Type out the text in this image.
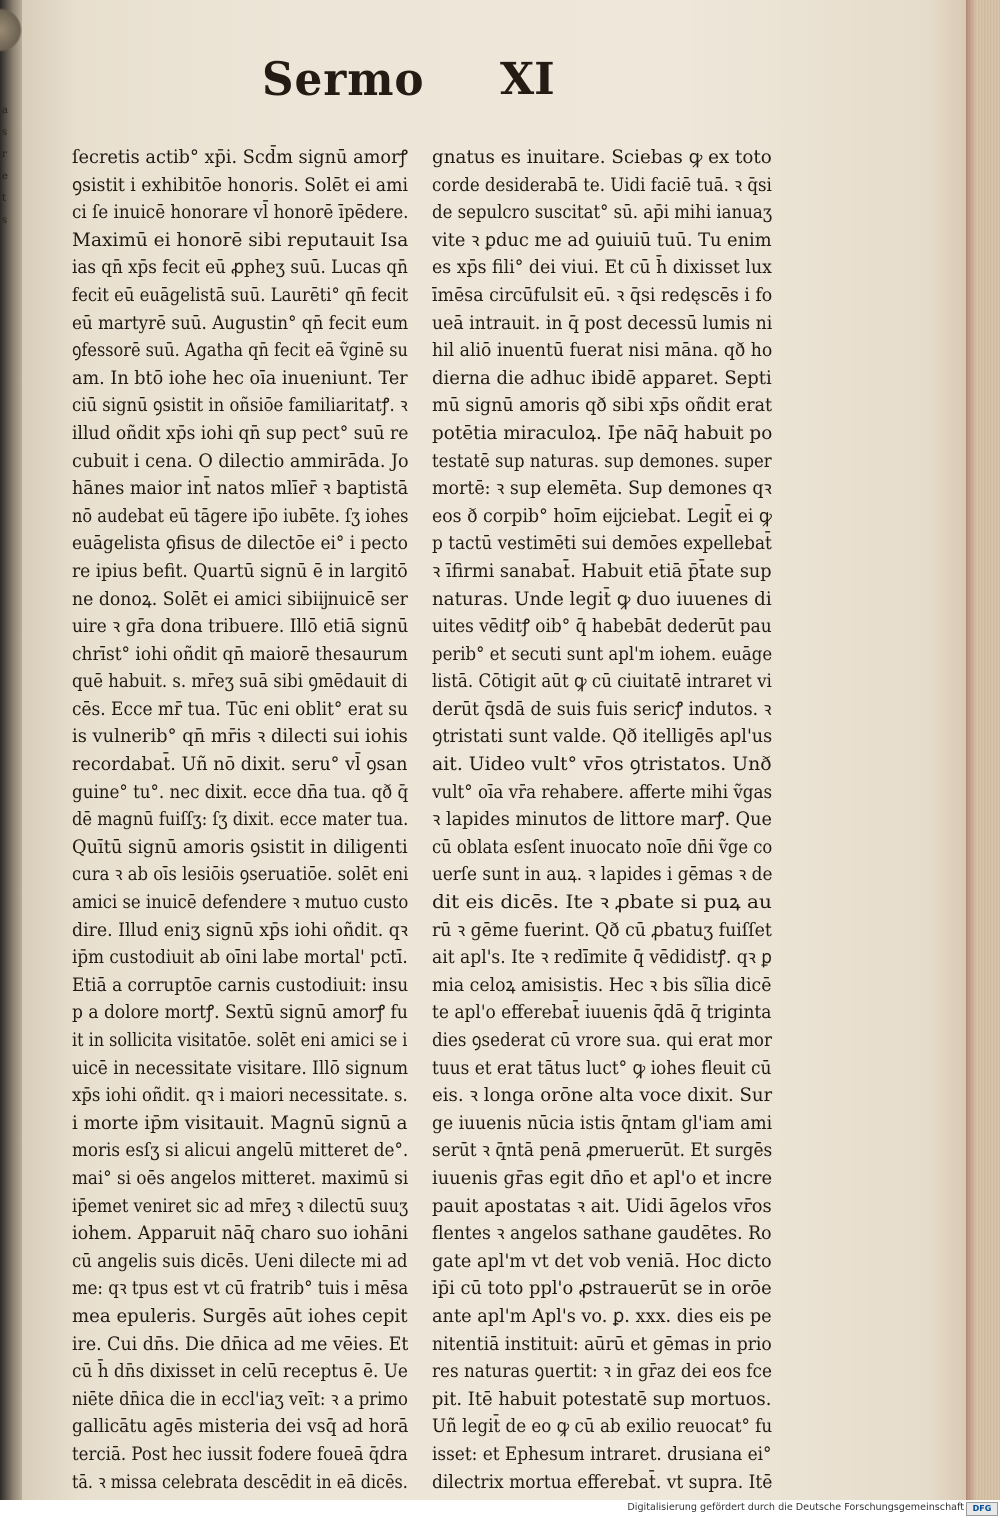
a
s
r
e
t
s
Sermo XI
ſecretis actib° xp̄i. Scd̄m signū amorꝭ
ꝯsistit i exhibitōe honoris. Solēt ei ami
ci ſe inuicē honorare vl̄ honorē īpēdere.
Maximū ei honorē sibi reputauit Isa
ias qn̄ xp̄s fecit eū ꝓpheʒ suū. Lucas qn̄
fecit eū euāgelistā suū. Laurēti° qn̄ fecit
eū martyrē suū. Augustin° qn̄ fecit eum
ꝯfessorē suū. Agatha qn̄ fecit eā ṽginē su
am. In btō iohe hec oīa inueniunt. Ter
ciū signū ꝯsistit in oñsiōe familiaritatꝭ. ꝛ
illud oñdit xp̄s iohi qn̄ sup pect° suū re
cubuit i cena. O dilectio ammirāda. Jo
hānes maior int̄ natos mlīer̄ ꝛ baptistā
nō audebat eū tāgere ip̄o iubēte. ſʒ iohes
euāgelista ꝯfisus de dilectōe ei° i pecto
re ipius befit. Quartū signū ē in largitō
ne donoꝝ. Solēt ei amici sibiĳnuicē ser
uire ꝛ gr̄a dona tribuere. Illō etiā signū
chrīst° iohi oñdit qn̄ maiorē thesaurum
quē habuit. s. mr̄eʒ suā sibi ꝯmēdauit di
cēs. Ecce mr̄ tua. Tūc eni oblit° erat su
is vulnerib° qn̄ mr̄is ꝛ dilecti sui iohis
recordabat̄. Uñ nō dixit. seru° vl̄ ꝯsan
guine° tu°. nec dixit. ecce dn̄a tua. qð q̄
dē magnū fuiſſʒ: ſʒ dixit. ecce mater tua.
Quītū signū amoris ꝯsistit in diligenti
cura ꝛ ab oīs lesiōis ꝯseruatiōe. solēt eni
amici se inuicē defendere ꝛ mutuo custo
dire. Illud eniʒ signū xp̄s iohi oñdit. qꝛ
ip̄m custodiuit ab oīni labe mortal' pctī.
Etiā a corruptōe carnis custodiuit: insu
p a dolore mortꝭ. Sextū signū amorꝭ fu
it in sollicita visitatōe. solēt eni amici se i
uicē in necessitate visitare. Illō signum
xp̄s iohi oñdit. qꝛ i maiori necessitate. s.
i morte ip̄m visitauit. Magnū signū a
moris esſʒ si alicui angelū mitteret de°.
mai° si oēs angelos mitteret. maximū si
ip̄emet veniret sic ad mr̄eʒ ꝛ dilectū suuʒ
iohem. Apparuit nāq̄ charo suo iohāni
cū angelis suis dicēs. Ueni dilecte mi ad
me: qꝛ tpus est vt cū fratrib° tuis i mēsa
mea epuleris. Surgēs aūt iohes cepit
ire. Cui dn̄s. Die dn̄ica ad me vēies. Et
cū h̄ dn̄s dixisset in celū receptus ē. Ue
niēte dn̄ica die in eccl'iaʒ veīt: ꝛ a primo
gallicātu agēs misteria dei vsq̄ ad horā
terciā. Post hec iussit fodere foueā q̄dra
tā. ꝛ missa celebrata descēdit in eā dicēs.
gnatus es inuitare. Sciebas ꝙ ex toto
corde desiderabā te. Uidi faciē tuā. ꝛ q̄si
de sepulcro suscitat° sū. ap̄i mihi ianuaʒ
vite ꝛ ꝑduc me ad ꝯuiuiū tuū. Tu enim
es xp̄s fili° dei viui. Et cū h̄ dixisset lux
īmēsa circūfulsit eū. ꝛ q̄si redęscēs i fo
ueā intrauit. in q̄ post decessū lumis ni
hil aliō inuentū fuerat nisi māna. qð ho
dierna die adhuc ibidē apparet. Septi
mū signū amoris qð sibi xp̄s oñdit erat
potētia miraculoꝝ. Ip̄e nāq̄ habuit po
testatē sup naturas. sup demones. super
mortē: ꝛ sup elemēta. Sup demones qꝛ
eos ð corpib° hoīm eĳciebat. Legit̄ ei ꝙ
p tactū vestimēti sui demōes expellebat̄
ꝛ īfirmi sanabat̄. Habuit etiā p̄t̄ate sup
naturas. Unde legit̄ ꝙ duo iuuenes di
uites vēditꝭ oib° q̄ habebāt dederūt pau
perib° et secuti sunt apl'm iohem. euāge
listā. Cōtigit aūt ꝙ cū ciuitatē intraret vi
derūt q̄sdā de suis fuis sericꝭ indutos. ꝛ
ꝯtristati sunt valde. Qð itelligēs apl'us
ait. Uideo vult° vr̄os ꝯtristatos. Unð
vult° oīa vr̄a rehabere. afferte mihi ṽgas
ꝛ lapides minutos de littore marꝭ. Que
cū oblata esſent inuocato noīe dn̄i ṽge co
uerſe sunt in auꝝ. ꝛ lapides i gēmas ꝛ de
dit eis dicēs. Ite ꝛ ꝓbate si puꝝ au
rū ꝛ gēme fuerint. Qð cū ꝓbatuʒ fuiſſet
ait apl's. Ite ꝛ redīmite q̄ vēdidistꝭ. qꝛ ꝑ
mia celoꝝ amisistis. Hec ꝛ bis sĩlia dicē
te apl'o efferebat̄ iuuenis q̄dā q̄ triginta
dies ꝯsederat cū vrore sua. qui erat mor
tuus et erat tātus luct° ꝙ iohes fleuit cū
eis. ꝛ longa orōne alta voce dixit. Sur
ge iuuenis nūcia istis q̄ntam gl'iam ami
serūt ꝛ q̄ntā penā ꝓmeruerūt. Et surgēs
iuuenis gr̄as egit dn̄o et apl'o et incre
pauit apostatas ꝛ ait. Uidi āgelos vr̄os
flentes ꝛ angelos sathane gaudētes. Ro
gate apl'm vt det vob veniā. Hoc dicto
ip̄i cū toto ppl'o ꝓstrauerūt se in orōe
ante apl'm Apl's vo. ꝑ. xxx. dies eis pe
nitentiā instituit: aūrū et gēmas in prio
res naturas ꝯuertit: ꝛ in gr̄az dei eos fce
pit. Itē habuit potestatē sup mortuos.
Uñ legit̄ de eo ꝙ cū ab exilio reuocat° fu
isset: et Ephesum intraret. drusiana ei°
dilectrix mortua efferebat̄. vt supra. Itē
Digitalisierung gefördert durch die Deutsche Forschungsgemeinschaft	DFG
